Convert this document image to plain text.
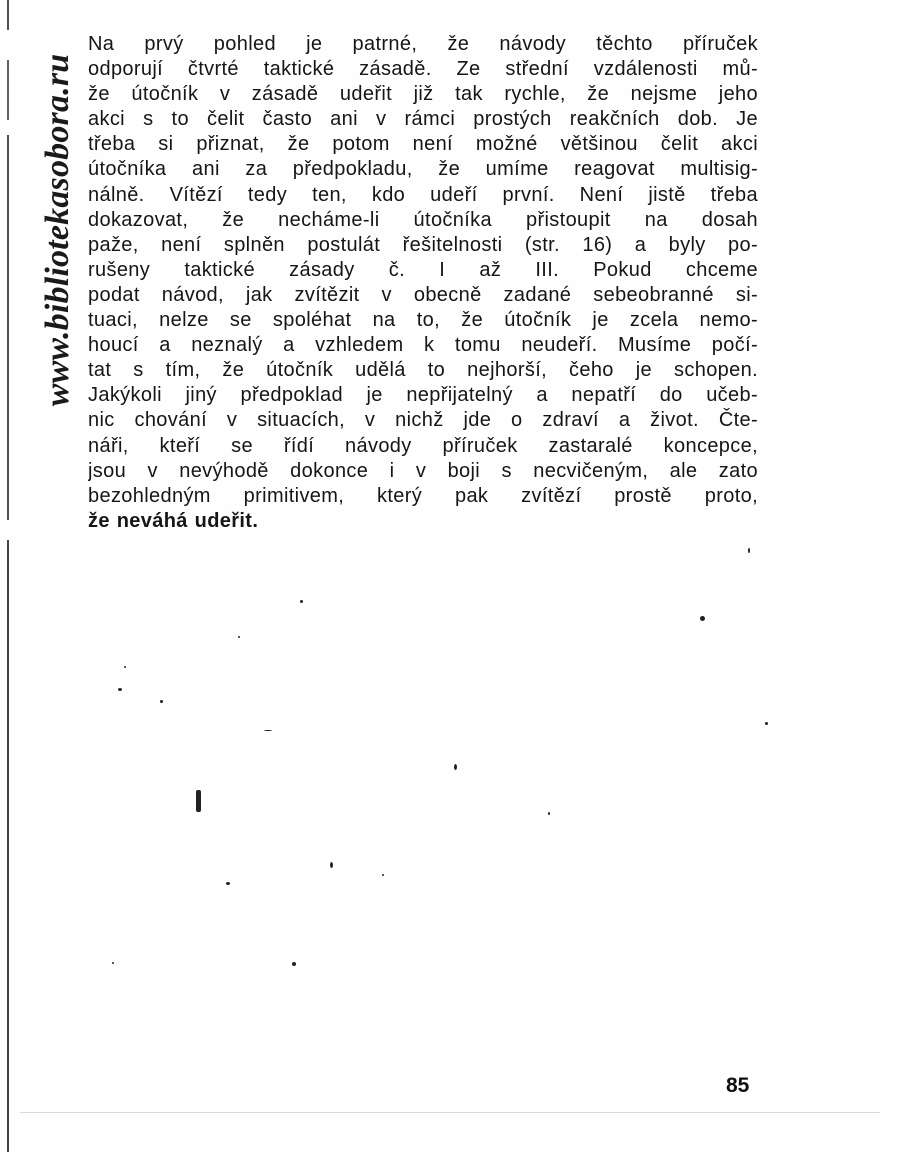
www.bibliotekasobora.ru
Na prvý pohled je patrné, že návody těchto příruček
odporují čtvrté taktické zásadě. Ze střední vzdálenosti mů-
že útočník v zásadě udeřit již tak rychle, že nejsme jeho
akci s to čelit často ani v rámci prostých reakčních dob. Je
třeba si přiznat, že potom není možné většinou čelit akci
útočníka ani za předpokladu, že umíme reagovat multisig-
nálně. Vítězí tedy ten, kdo udeří první. Není jistě třeba
dokazovat, že necháme-li útočníka přistoupit na dosah
paže, není splněn postulát řešitelnosti (str. 16) a byly po-
rušeny taktické zásady č. I až III. Pokud chceme
podat návod, jak zvítězit v obecně zadané sebeobranné si-
tuaci, nelze se spoléhat na to, že útočník je zcela nemo-
houcí a neznalý a vzhledem k tomu neudeří. Musíme počí-
tat s tím, že útočník udělá to nejhorší, čeho je schopen.
Jakýkoli jiný předpoklad je nepřijatelný a nepatří do učeb-
nic chování v situacích, v nichž jde o zdraví a život. Čte-
náři, kteří se řídí návody příruček zastaralé koncepce,
jsou v nevýhodě dokonce i v boji s necvičeným, ale zato
bezohledným primitivem, který pak zvítězí prostě proto,
že neváhá udeřit.
85
